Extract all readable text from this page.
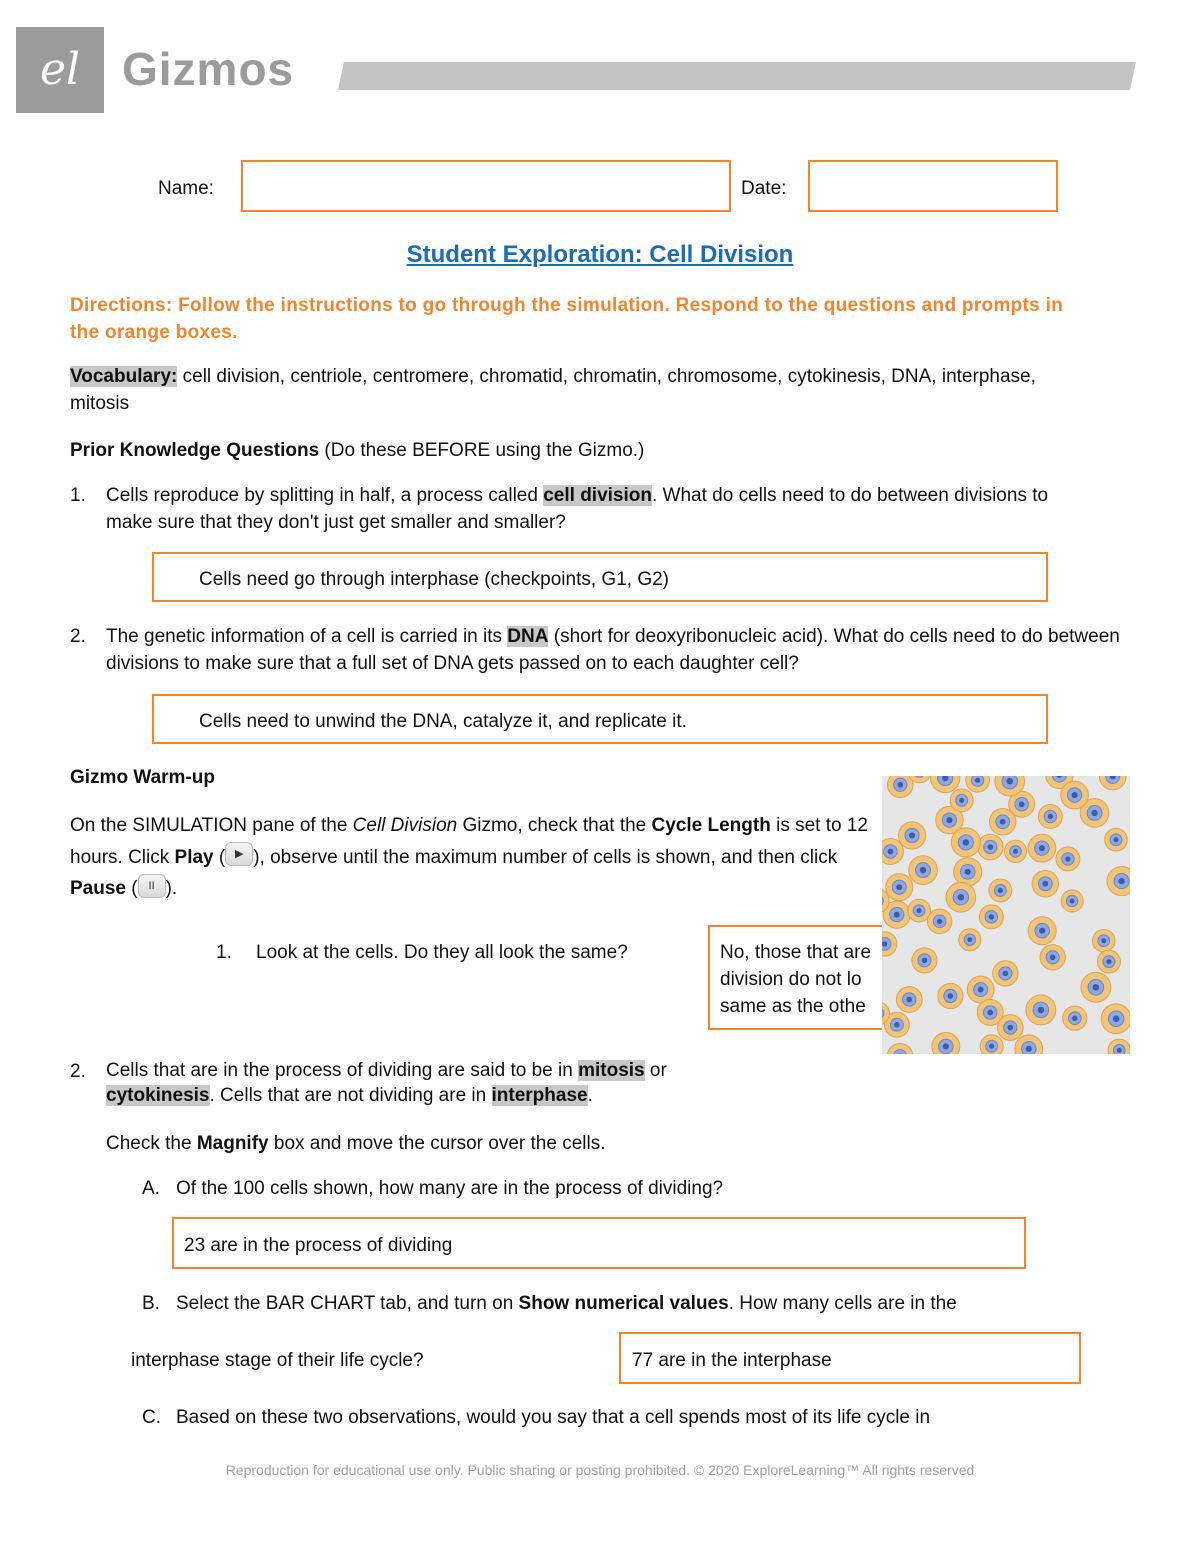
el Gizmos
Name:	Date:
Student Exploration: Cell Division
Directions: Follow the instructions to go through the simulation. Respond to the questions and prompts in the orange boxes.
Vocabulary: cell division, centriole, centromere, chromatid, chromatin, chromosome, cytokinesis, DNA, interphase, mitosis
Prior Knowledge Questions (Do these BEFORE using the Gizmo.)
1.	Cells reproduce by splitting in half, a process called cell division. What do cells need to do between divisions to make sure that they don't just get smaller and smaller?
Cells need go through interphase (checkpoints, G1, G2)
2.	The genetic information of a cell is carried in its DNA (short for deoxyribonucleic acid). What do cells need to do between divisions to make sure that a full set of DNA gets passed on to each daughter cell?
Cells need to unwind the DNA, catalyze it, and replicate it.
Gizmo Warm-up
On the SIMULATION pane of the Cell Division Gizmo, check that the Cycle Length is set to 12 hours. Click Play ( ▶ ), observe until the maximum number of cells is shown, and then click Pause ( II ).
1. Look at the cells. Do they all look the same?	No, those that are
division do not lo
same as the othe
2.	Cells that are in the process of dividing are said to be in mitosis or
cytokinesis. Cells that are not dividing are in interphase.
Check the Magnify box and move the cursor over the cells.
A. Of the 100 cells shown, how many are in the process of dividing?
23 are in the process of dividing
B. Select the BAR CHART tab, and turn on Show numerical values. How many cells are in the
interphase stage of their life cycle?	77 are in the interphase
C. Based on these two observations, would you say that a cell spends most of its life cycle in
Reproduction for educational use only. Public sharing or posting prohibited. © 2020 ExploreLearning™ All rights reserved
